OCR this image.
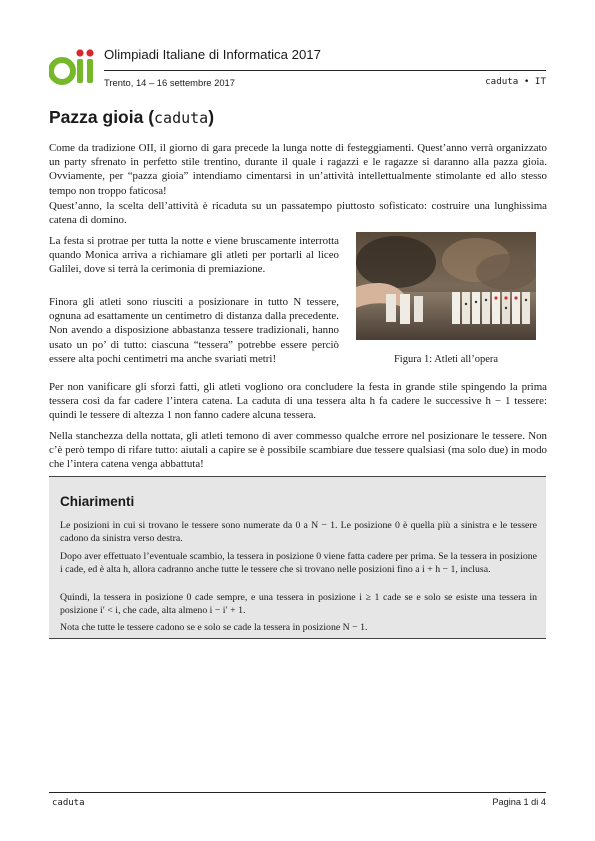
Olimpiadi Italiane di Informatica 2017
Trento, 14 – 16 settembre 2017	caduta • IT
Pazza gioia (caduta)

Come da tradizione OII, il giorno di gara precede la lunga notte di festeggiamenti. Quest’anno verrà organizzato un party sfrenato in perfetto stile trentino, durante il quale i ragazzi e le ragazze si daranno alla pazza gioia. Ovviamente, per “pazza gioia” intendiamo cimentarsi in un’attività intellettualmente stimolante ed allo stesso tempo non troppo faticosa!

Quest’anno, la scelta dell’attività è ricaduta su un passatempo piuttosto sofisticato: costruire una lunghissima catena di domino.

La festa si protrae per tutta la notte e viene bruscamente interrotta quando Monica arriva a richiamare gli atleti per portarli al liceo Galilei, dove si terrà la cerimonia di premiazione.

Finora gli atleti sono riusciti a posizionare in tutto N tessere, ognuna ad esattamente un centimetro di distanza dalla precedente. Non avendo a disposizione abbastanza tessere tradizionali, hanno usato un po’ di tutto: ciascuna “tessera” potrebbe essere perciò essere alta pochi centimetri ma anche svariati metri!	Figura 1: Atleti all’opera

Per non vanificare gli sforzi fatti, gli atleti vogliono ora concludere la festa in grande stile spingendo la prima tessera così da far cadere l’intera catena. La caduta di una tessera alta h fa cadere le successive h − 1 tessere: quindi le tessere di altezza 1 non fanno cadere alcuna tessera.

Nella stanchezza della nottata, gli atleti temono di aver commesso qualche errore nel posizionare le tessere. Non c’è però tempo di rifare tutto: aiutali a capire se è possibile scambiare due tessere qualsiasi (ma solo due) in modo che l’intera catena venga abbattuta!

Chiarimenti

Le posizioni in cui si trovano le tessere sono numerate da 0 a N − 1. Le posizione 0 è quella più a sinistra e le tessere cadono da sinistra verso destra.

Dopo aver effettuato l’eventuale scambio, la tessera in posizione 0 viene fatta cadere per prima. Se la tessera in posizione i cade, ed è alta h, allora cadranno anche tutte le tessere che si trovano nelle posizioni fino a i + h − 1, inclusa.

Quindi, la tessera in posizione 0 cade sempre, e una tessera in posizione i ≥ 1 cade se e solo se esiste una tessera in posizione i′ < i, che cade, alta almeno i − i′ + 1.

Nota che tutte le tessere cadono se e solo se cade la tessera in posizione N − 1.

caduta	Pagina 1 di 4
